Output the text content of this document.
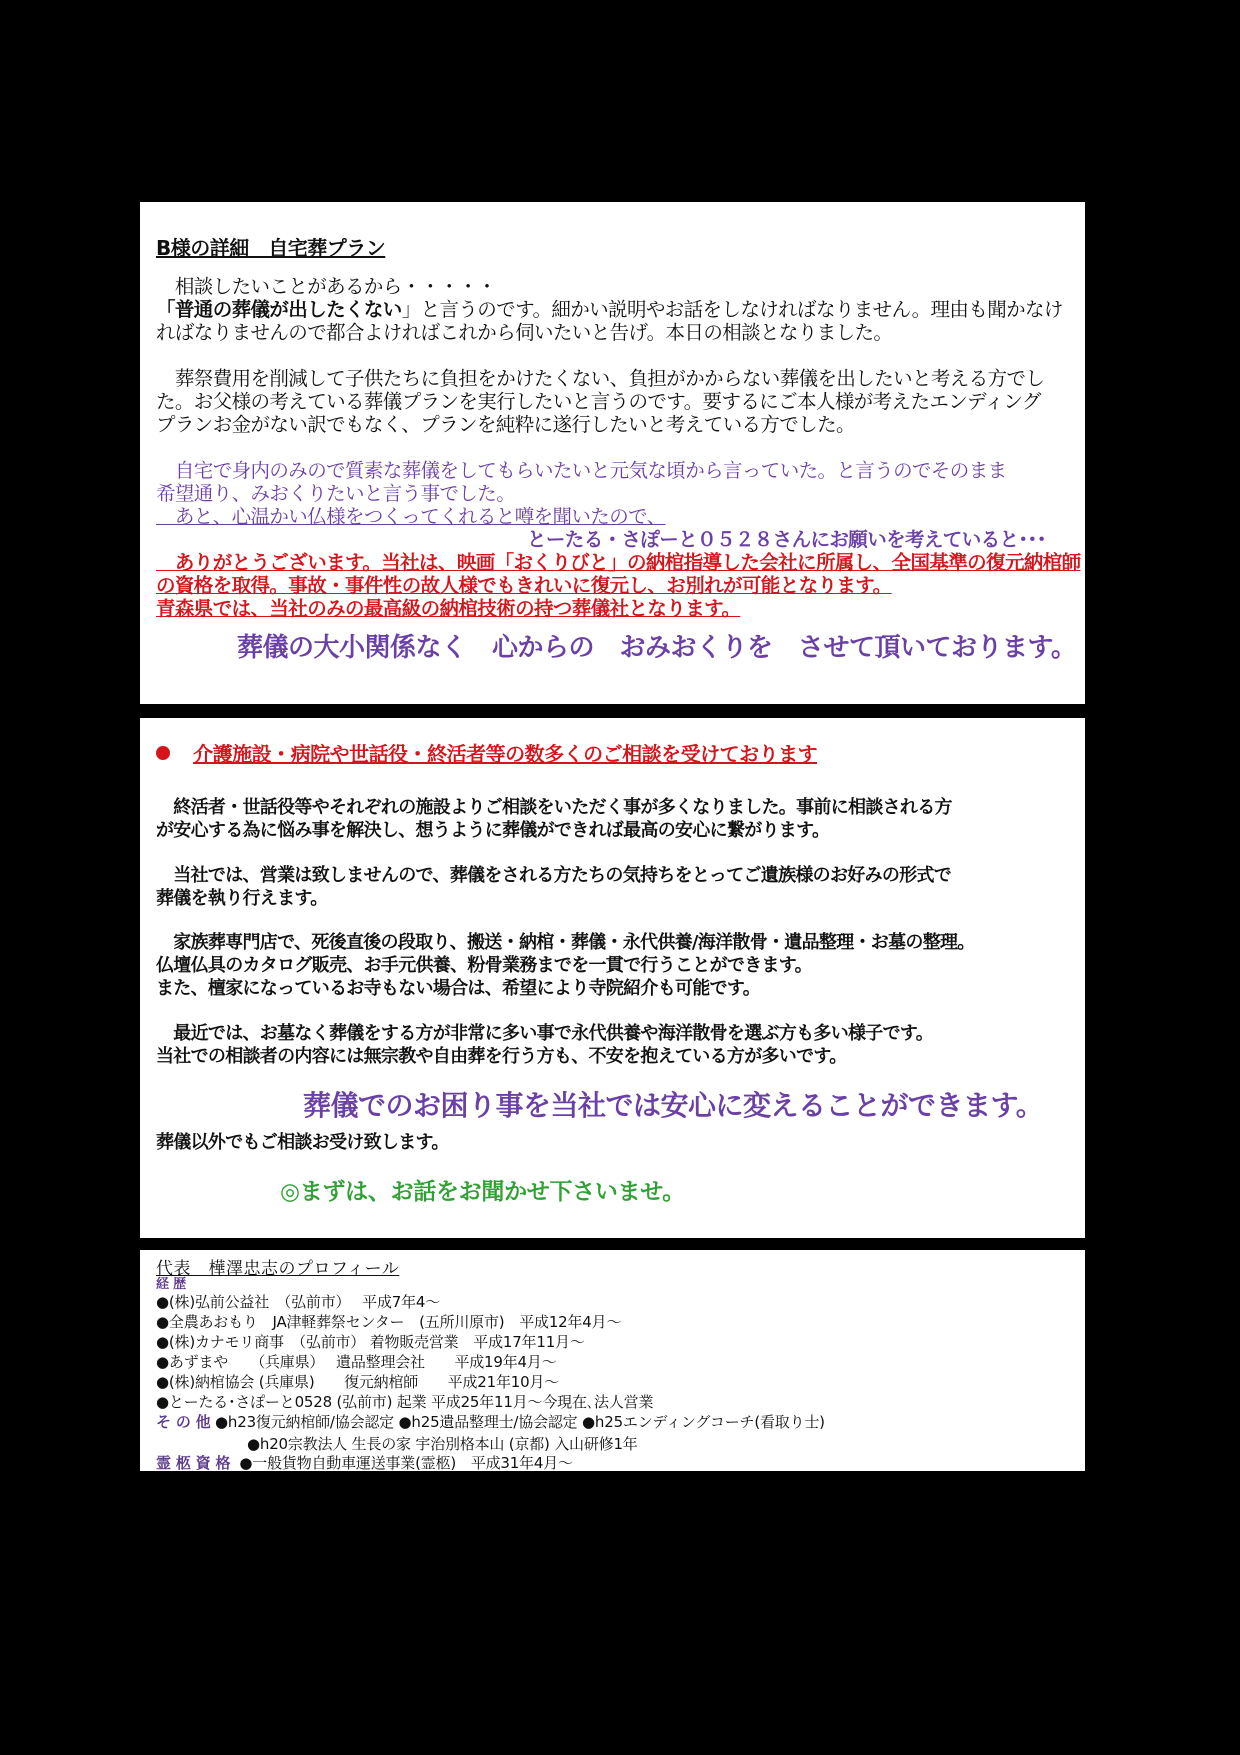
B様の詳細　自宅葬プラン
　相談したいことがあるから・・・・・
「普通の葬儀が出したくない」と言うのです。細かい説明やお話をしなければなりません。理由も聞かなけ
ればなりませんので都合よければこれから伺いたいと告げ。本日の相談となりました。
　葬祭費用を削減して子供たちに負担をかけたくない、負担がかからない葬儀を出したいと考える方でし
た。お父様の考えている葬儀プランを実行したいと言うのです。要するにご本人様が考えたエンディング
プランお金がない訳でもなく、プランを純粋に遂行したいと考えている方でした。
　自宅で身内のみので質素な葬儀をしてもらいたいと元気な頃から言っていた。と言うのでそのまま
希望通り、みおくりたいと言う事でした。
　あと、心温かい仏様をつくってくれると噂を聞いたので、
とーたる・さぽーと０５２８さんにお願いを考えていると･･･
　ありがとうございます。当社は、映画「おくりびと」の納棺指導した会社に所属し、全国基準の復元納棺師
の資格を取得。事故・事件性の故人様でもきれいに復元し、お別れが可能となります。
青森県では、当社のみの最高級の納棺技術の持つ葬儀社となります。
葬儀の大小関係なく　心からの　おみおくりを　させて頂いております。
介護施設・病院や世話役・終活者等の数多くのご相談を受けております
　終活者・世話役等やそれぞれの施設よりご相談をいただく事が多くなりました。事前に相談される方
が安心する為に悩み事を解決し、想うように葬儀ができれば最高の安心に繋がります。
　当社では、営業は致しませんので、葬儀をされる方たちの気持ちをとってご遺族様のお好みの形式で
葬儀を執り行えます。
　家族葬専門店で、死後直後の段取り、搬送・納棺・葬儀・永代供養/海洋散骨・遺品整理・お墓の整理。
仏壇仏具のカタログ販売、お手元供養、粉骨業務までを一貫で行うことができます。
また、檀家になっているお寺もない場合は、希望により寺院紹介も可能です。
　最近では、お墓なく葬儀をする方が非常に多い事で永代供養や海洋散骨を選ぶ方も多い様子です。
当社での相談者の内容には無宗教や自由葬を行う方も、不安を抱えている方が多いです。
葬儀でのお困り事を当社では安心に変えることができます。
葬儀以外でもご相談お受け致します。
◎まずは、お話をお聞かせ下さいませ。
代表　樺澤忠志のプロフィール
経 歴
●(株)弘前公益社　（弘前市）　 平成7年4～
●全農あおもり　JA津軽葬祭センター　(五所川原市)　平成12年4月～
●(株)カナモリ商事　（弘前市） 着物販売営業　平成17年11月～
●あずまや　　（兵庫県）　 遺品整理会社　　平成19年4月～
●(株)納棺協会 (兵庫県)　　復元納棺師　　平成21年10月～
●とーたる･さぽーと0528 (弘前市) 起業 平成25年11月～今現在､法人営業
そ の 他 ●h23復元納棺師/協会認定 ●h25遺品整理士/協会認定 ●h25エンディングコーチ(看取り士)
●h20宗教法人 生長の家 宇治別格本山 (京都) 入山研修1年
霊 柩 資 格 ●一般貨物自動車運送事業(霊柩)　平成31年4月～
